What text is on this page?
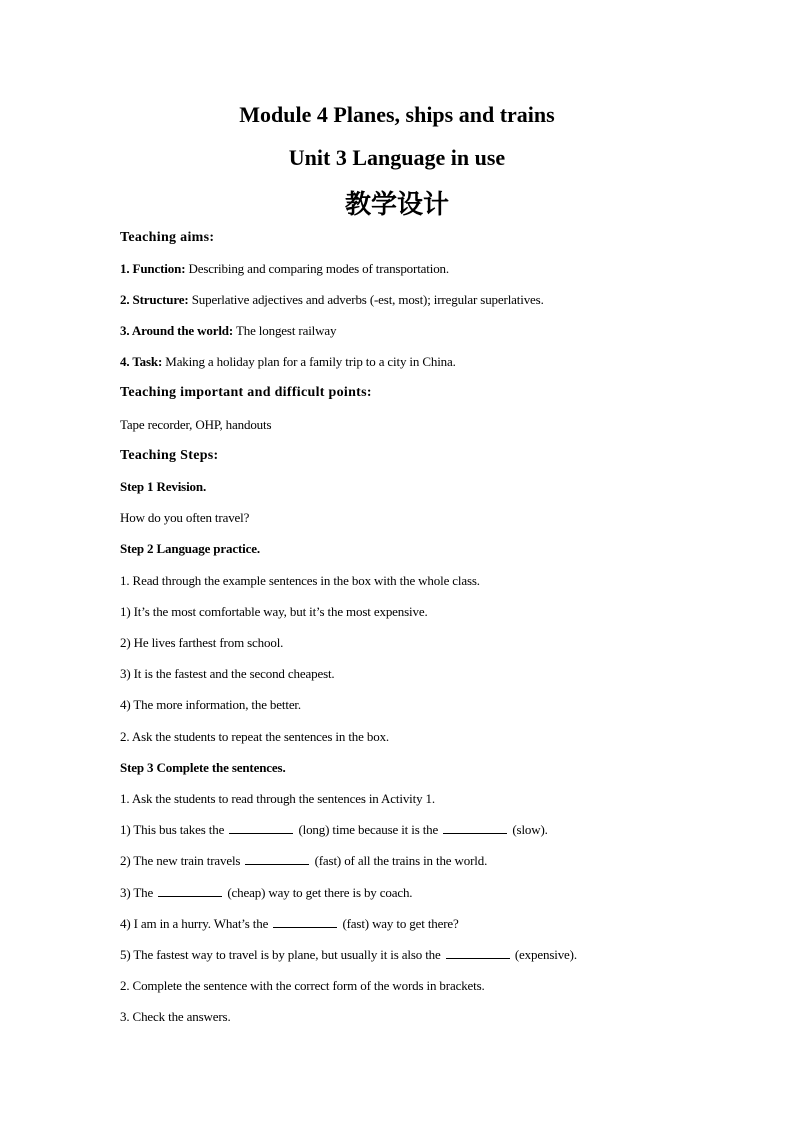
Module 4 Planes, ships and trains
Unit 3 Language in use
教学设计
Teaching aims:
1. Function: Describing and comparing modes of transportation.
2. Structure: Superlative adjectives and adverbs (-est, most); irregular superlatives.
3. Around the world: The longest railway
4. Task: Making a holiday plan for a family trip to a city in China.
Teaching important and difficult points:
Tape recorder, OHP, handouts
Teaching Steps:
Step 1 Revision.
How do you often travel?
Step 2 Language practice.
1. Read through the example sentences in the box with the whole class.
1) It’s the most comfortable way, but it’s the most expensive.
2) He lives farthest from school.
3) It is the fastest and the second cheapest.
4) The more information, the better.
2. Ask the students to repeat the sentences in the box.
Step 3 Complete the sentences.
1. Ask the students to read through the sentences in Activity 1.
1) This bus takes the	(long) time because it is the	(slow).
2) The new train travels	(fast) of all the trains in the world.
3) The	(cheap) way to get there is by coach.
4) I am in a hurry. What’s the	(fast) way to get there?
5) The fastest way to travel is by plane, but usually it is also the	(expensive).
2. Complete the sentence with the correct form of the words in brackets.
3. Check the answers.
